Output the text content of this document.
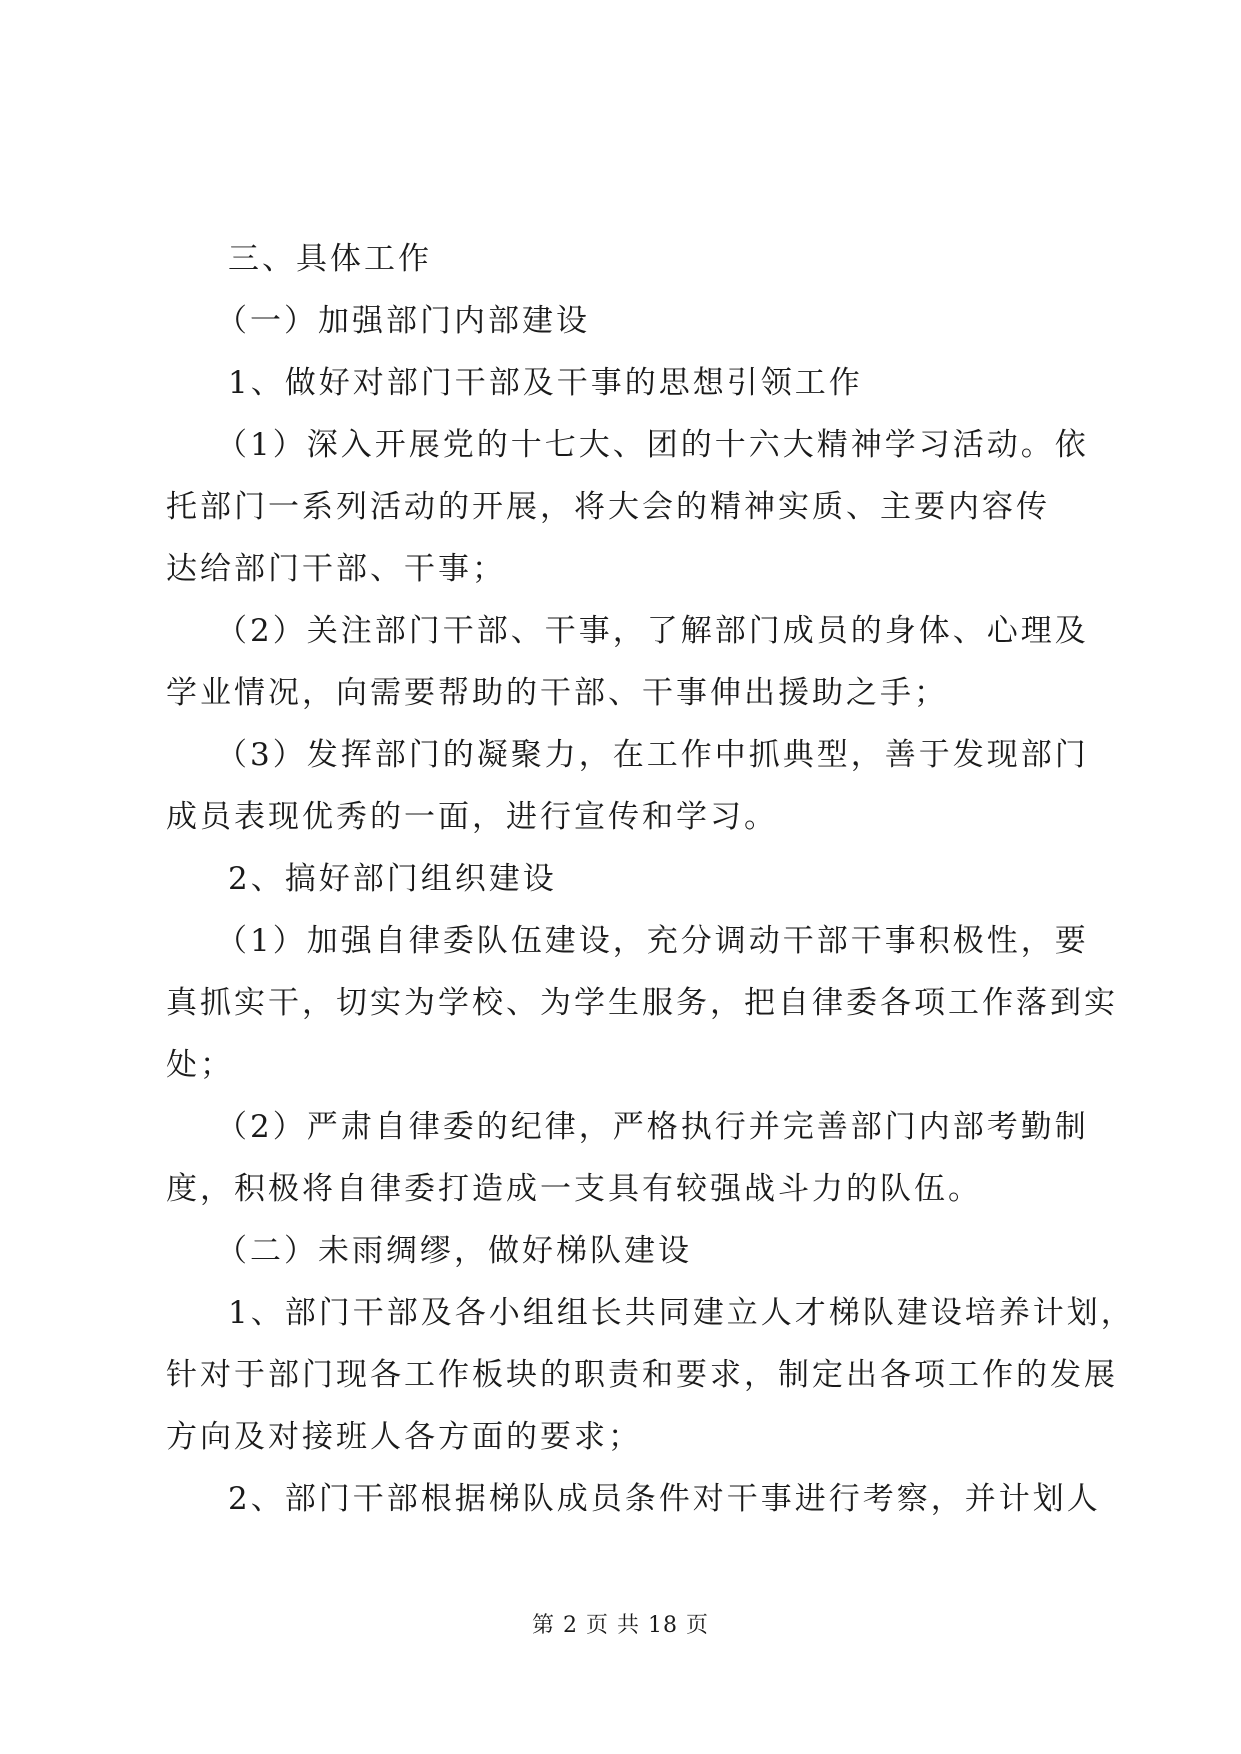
三、具体工作
（一）加强部门内部建设
1、做好对部门干部及干事的思想引领工作
（1）深入开展党的十七大、团的十六大精神学习活动。依
托部门一系列活动的开展，将大会的精神实质、主要内容传
达给部门干部、干事；
（2）关注部门干部、干事，了解部门成员的身体、心理及
学业情况，向需要帮助的干部、干事伸出援助之手；
（3）发挥部门的凝聚力，在工作中抓典型，善于发现部门
成员表现优秀的一面，进行宣传和学习。
2、搞好部门组织建设
（1）加强自律委队伍建设，充分调动干部干事积极性，要
真抓实干，切实为学校、为学生服务，把自律委各项工作落到实
处；
（2）严肃自律委的纪律，严格执行并完善部门内部考勤制
度，积极将自律委打造成一支具有较强战斗力的队伍。
（二）未雨绸缪，做好梯队建设
1、部门干部及各小组组长共同建立人才梯队建设培养计划，
针对于部门现各工作板块的职责和要求，制定出各项工作的发展
方向及对接班人各方面的要求；
2、部门干部根据梯队成员条件对干事进行考察，并计划人
第 2 页 共 18 页
